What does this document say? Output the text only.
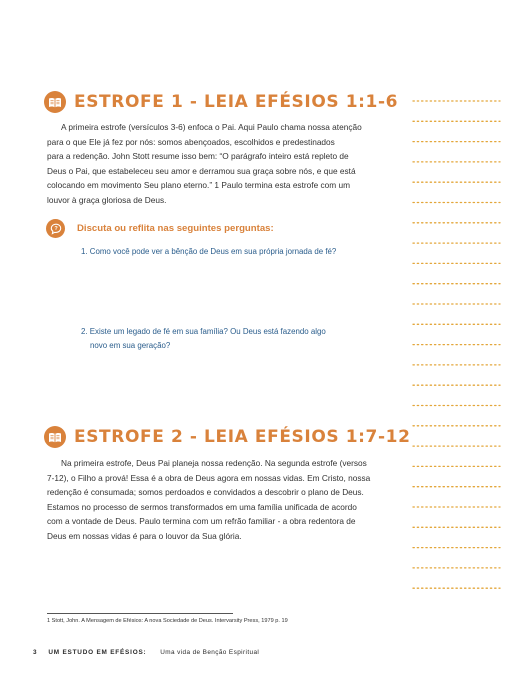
ESTROFE 1 - LEIA EFÉSIOS 1:1-6

A primeira estrofe (versículos 3-6) enfoca o Pai. Aqui Paulo chama nossa atenção
para o que Ele já fez por nós: somos abençoados, escolhidos e predestinados
para a redenção. John Stott resume isso bem: “O parágrafo inteiro está repleto de
Deus o Pai, que estabeleceu seu amor e derramou sua graça sobre nós, e que está
colocando em movimento Seu plano eterno.” 1 Paulo termina esta estrofe com um
louvor à graça gloriosa de Deus.

? Discuta ou reflita nas seguintes perguntas:

1. Como você pode ver a bênção de Deus em sua própria jornada de fé?

2. Existe um legado de fé em sua família? Ou Deus está fazendo algo
novo em sua geração?

ESTROFE 2 - LEIA EFÉSIOS 1:7-12

Na primeira estrofe, Deus Pai planeja nossa redenção. Na segunda estrofe (versos
7-12), o Filho a prová! Essa é a obra de Deus agora em nossas vidas. Em Cristo, nossa
redenção é consumada; somos perdoados e convidados a descobrir o plano de Deus.
Estamos no processo de sermos transformados em uma família unificada de acordo
com a vontade de Deus. Paulo termina com um refrão familiar - a obra redentora de
Deus em nossas vidas é para o louvor da Sua glória.

1 Stott, John. A Mensagem de Efésios: A nova Sociedade de Deus. Intervarsity Press, 1979 p. 19
3 UM ESTUDO EM EFÉSIOS: Uma vida de Benção Espiritual
